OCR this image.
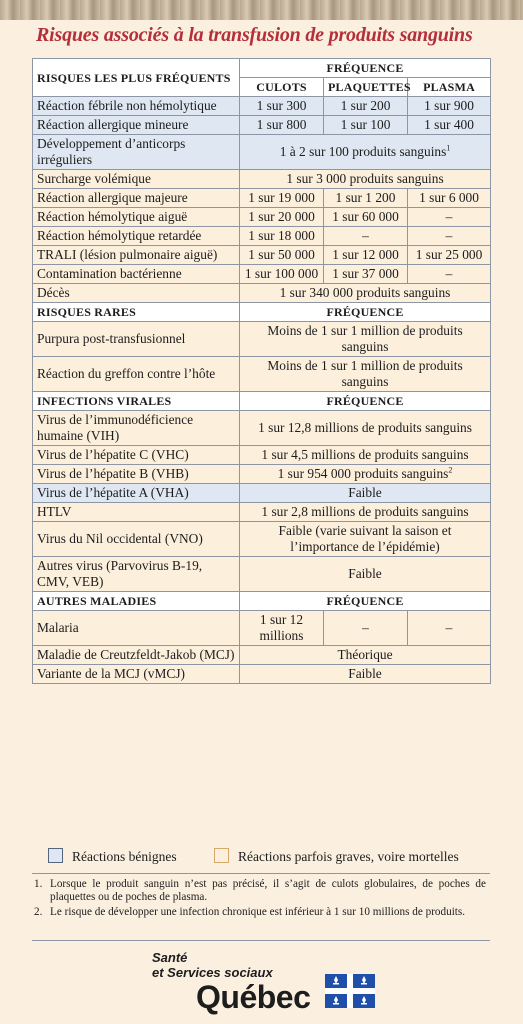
Risques associés à la transfusion de produits sanguins
RISQUES LES PLUS FRÉQUENTS	FRÉQUENCE		
	CULOTS	PLAQUETTES	PLASMA
Réaction fébrile non hémolytique	1 sur 300	1 sur 200	1 sur 900
Réaction allergique mineure	1 sur 800	1 sur 100	1 sur 400
Développement d’anticorps irréguliers	1 à 2 sur 100 produits sanguins$^1$
Surcharge volémique	1 sur 3 000 produits sanguins		
Réaction allergique majeure	1 sur 19 000	1 sur 1 200	1 sur 6 000
Réaction hémolytique aiguë	1 sur 20 000	1 sur 60 000	–
Réaction hémolytique retardée	1 sur 18 000	–	–
TRALI (lésion pulmonaire aiguë)	1 sur 50 000	1 sur 12 000	1 sur 25 000
Contamination bactérienne	1 sur 100 000	1 sur 37 000	–
Décès	1 sur 340 000 produits sanguins		
RISQUES RARES	FRÉQUENCE		
Purpura post-transfusionnel	Moins de 1 sur 1 million de produits sanguins		
Réaction du greffon contre l’hôte	Moins de 1 sur 1 million de produits sanguins		
INFECTIONS VIRALES	FRÉQUENCE		
Virus de l’immunodéficience humaine (VIH)	1 sur 12,8 millions de produits sanguins		
Virus de l’hépatite C (VHC)	1 sur 4,5 millions de produits sanguins		
Virus de l’hépatite B (VHB)	1 sur 954 000 produits sanguins$^2$
Virus de l’hépatite A (VHA)	Faible		
HTLV	1 sur 2,8 millions de produits sanguins		
Virus du Nil occidental (VNO)	Faible (varie suivant la saison et l’importance de l’épidémie)		
Autres virus (Parvovirus B-19, CMV, VEB)	Faible		
AUTRES MALADIES	FRÉQUENCE		
Malaria	1 sur 12 millions	–	–
Maladie de Creutzfeldt-Jakob (MCJ)	Théorique		
Variante de la MCJ (vMCJ)	Faible		
Réactions bénignes	Réactions parfois graves, voire mortelles
1. Lorsque le produit sanguin n’est pas précisé, il s’agit de culots globulaires, de poches de plaquettes ou de poches de plasma.
2. Le risque de développer une infection chronique est inférieur à 1 sur 10 millions de produits.
Santé
et Services sociaux
Québec
